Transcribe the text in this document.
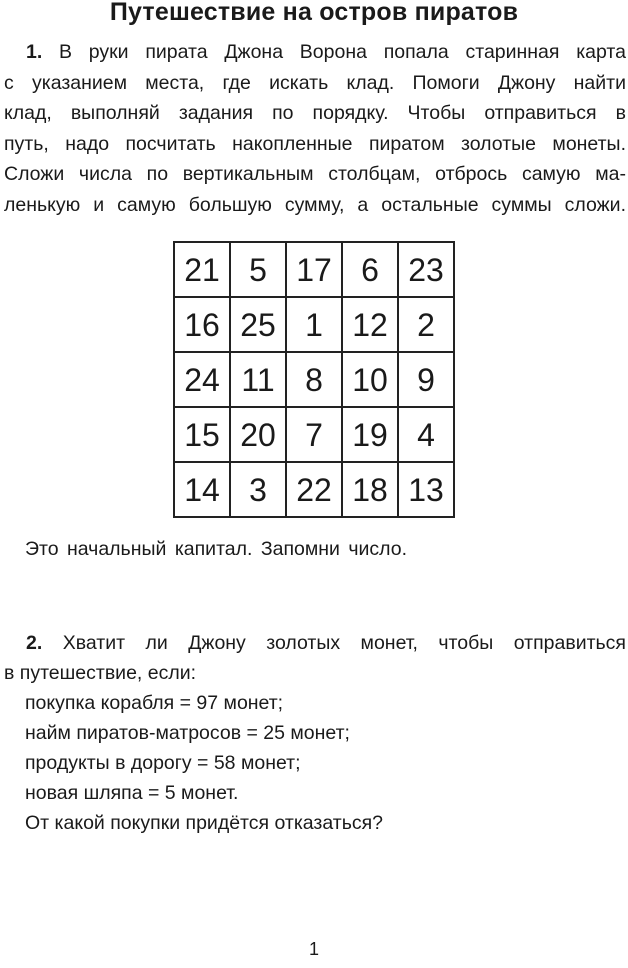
Путешествие на остров пиратов
1. В руки пирата Джона Ворона попала старинная карта
с указанием места, где искать клад. Помоги Джону найти
клад, выполняй задания по порядку. Чтобы отправиться в
путь, надо посчитать накопленные пиратом золотые монеты.
Сложи числа по вертикальным столбцам, отбрось самую ма-
ленькую и самую большую сумму, а остальные суммы сложи.
21	5	17	6	23
16	25	1	12	2
24	11	8	10	9
15	20	7	19	4
14	3	22	18	13
Это начальный капитал. Запомни число.
2. Хватит ли Джону золотых монет, чтобы отправиться
в путешествие, если:
покупка корабля = 97 монет;
найм пиратов-матросов = 25 монет;
продукты в дорогу = 58 монет;
новая шляпа = 5 монет.
От какой покупки придётся отказаться?
1
